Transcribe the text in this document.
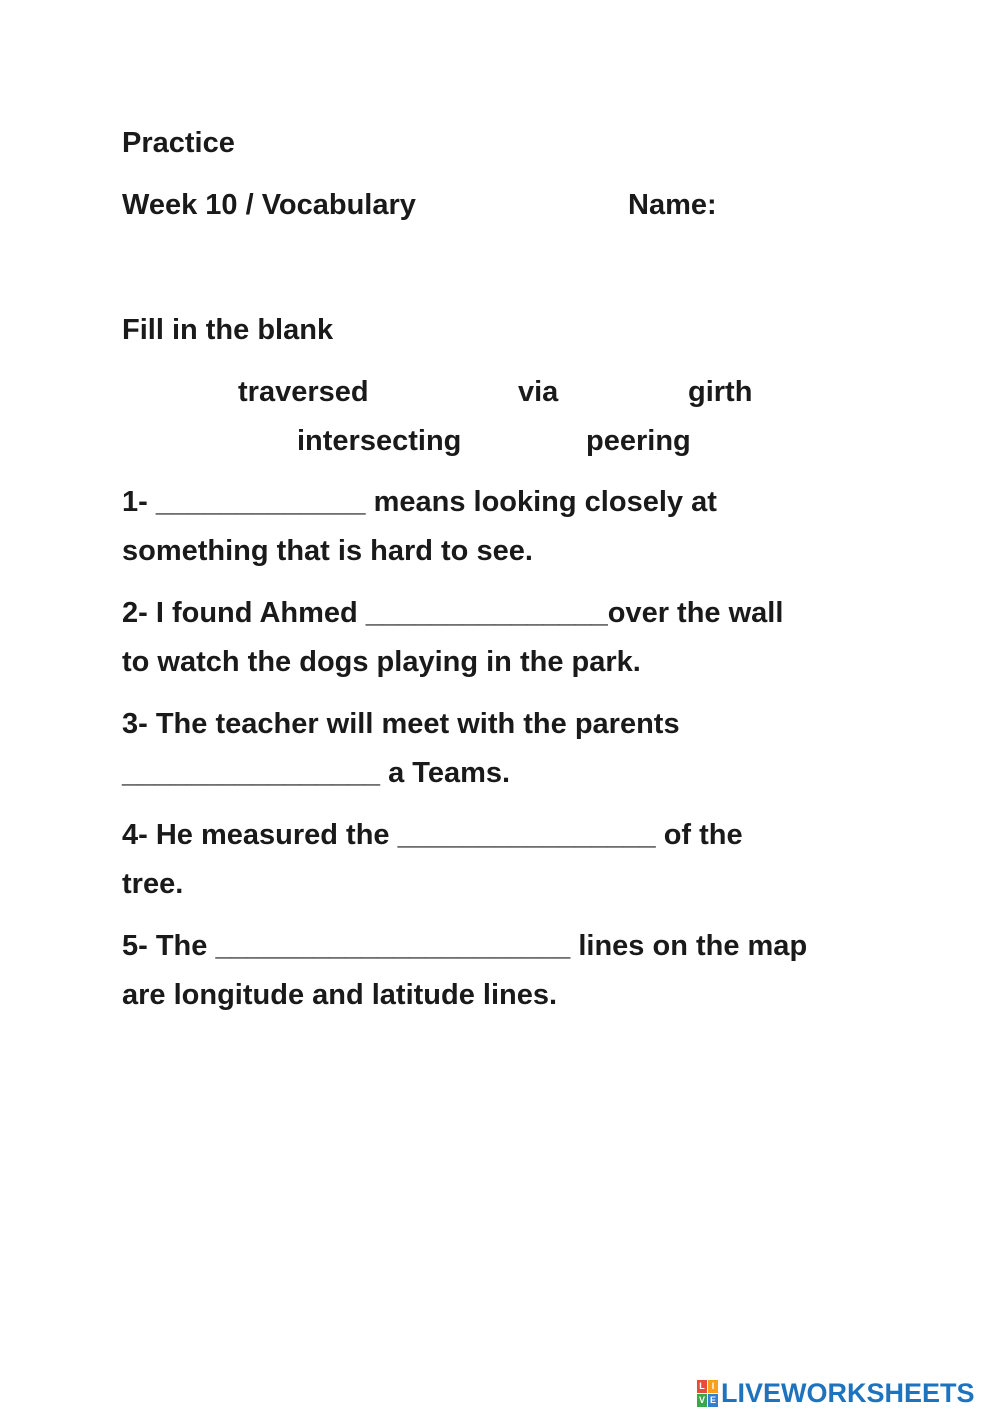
Practice
Week 10 / Vocabulary	Name:
Fill in the blank
traversed	via	girth
intersecting	peering
1- _____________ means looking closely at
something that is hard to see.
2- I found Ahmed _______________over the wall
to watch the dogs playing in the park.
3- The teacher will meet with the parents
________________ a Teams.
4- He measured the ________________ of the
tree.
5- The ______________________ lines on the map
are longitude and latitude lines.
L I
V E LIVEWORKSHEETS
